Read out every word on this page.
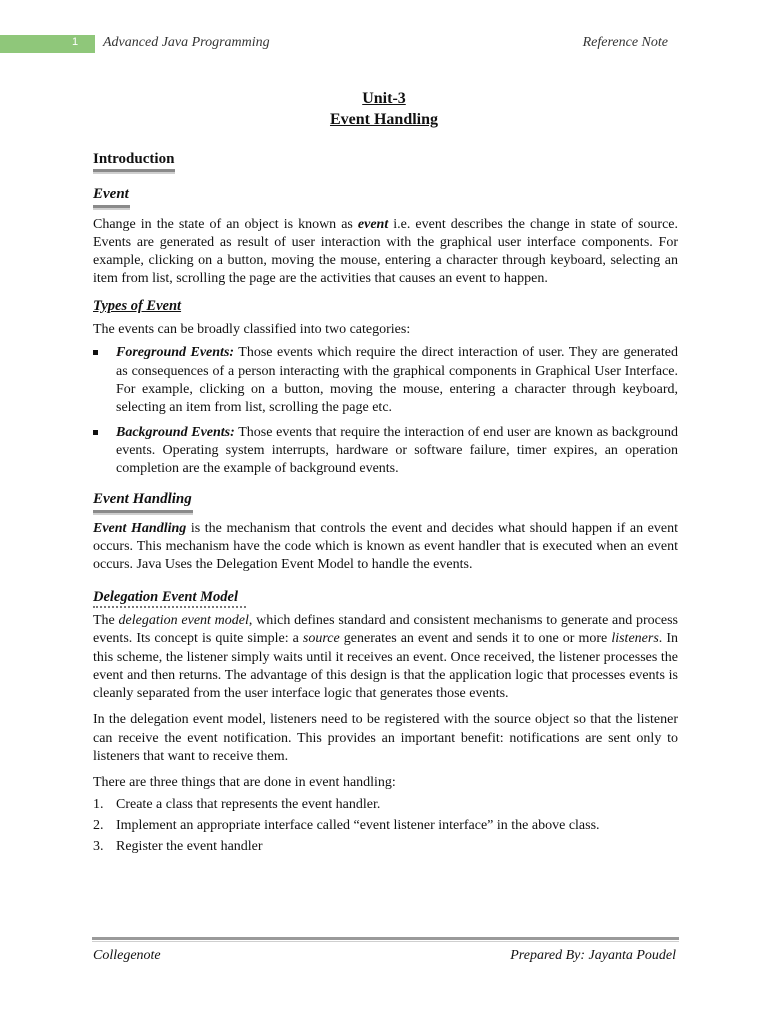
1 Advanced Java Programming	Reference Note
Unit-3
Event Handling
Introduction
Event

Change in the state of an object is known as event i.e. event describes the change in state of source. Events are generated as result of user interaction with the graphical user interface components. For example, clicking on a button, moving the mouse, entering a character through keyboard, selecting an item from list, scrolling the page are the activities that causes an event to happen.

Types of Event

The events can be broadly classified into two categories:

Foreground Events: Those events which require the direct interaction of user. They are generated as consequences of a person interacting with the graphical components in Graphical User Interface. For example, clicking on a button, moving the mouse, entering a character through keyboard, selecting an item from list, scrolling the page etc.
Background Events: Those events that require the interaction of end user are known as background events. Operating system interrupts, hardware or software failure, timer expires, an operation completion are the example of background events.
Event Handling

Event Handling is the mechanism that controls the event and decides what should happen if an event occurs. This mechanism have the code which is known as event handler that is executed when an event occurs. Java Uses the Delegation Event Model to handle the events.

Delegation Event Model

The delegation event model, which defines standard and consistent mechanisms to generate and process events. Its concept is quite simple: a source generates an event and sends it to one or more listeners. In this scheme, the listener simply waits until it receives an event. Once received, the listener processes the event and then returns. The advantage of this design is that the application logic that processes events is cleanly separated from the user interface logic that generates those events.

In the delegation event model, listeners need to be registered with the source object so that the listener can receive the event notification. This provides an important benefit: notifications are sent only to listeners that want to receive them.

There are three things that are done in event handling:

1. Create a class that represents the event handler.
2. Implement an appropriate interface called “event listener interface” in the above class.
3. Register the event handler
Collegenote	Prepared By: Jayanta Poudel
